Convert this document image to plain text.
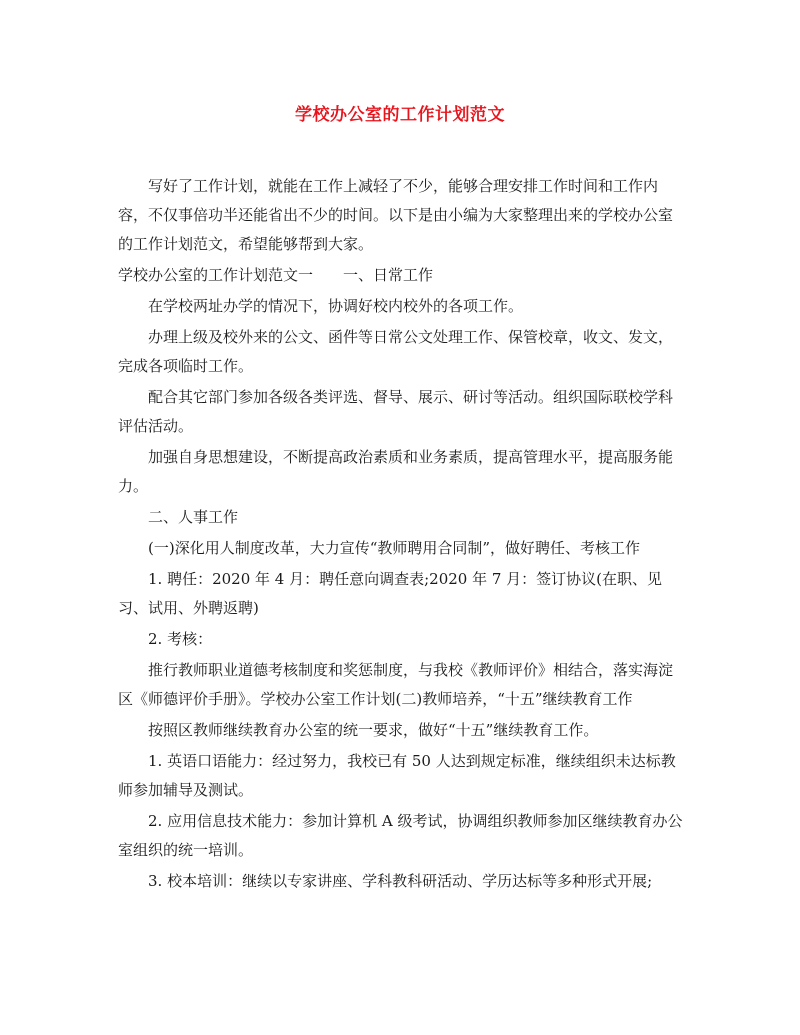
学校办公室的工作计划范文

写好了工作计划，就能在工作上减轻了不少，能够合理安排工作时间和工作内容，不仅事倍功半还能省出不少的时间。以下是由小编为大家整理出来的学校办公室的工作计划范文，希望能够帮到大家。

学校办公室的工作计划范文一　　一、日常工作

在学校两址办学的情况下，协调好校内校外的各项工作。

办理上级及校外来的公文、函件等日常公文处理工作、保管校章，收文、发文，完成各项临时工作。

配合其它部门参加各级各类评选、督导、展示、研讨等活动。组织国际联校学科评估活动。

加强自身思想建设，不断提高政治素质和业务素质，提高管理水平，提高服务能力。

二、人事工作

(一)深化用人制度改革，大力宣传“教师聘用合同制”，做好聘任、考核工作

1. 聘任：2020 年 4 月：聘任意向调查表;2020 年 7 月：签订协议(在职、见习、试用、外聘返聘)

2. 考核：

推行教师职业道德考核制度和奖惩制度，与我校《教师评价》相结合，落实海淀区《师德评价手册》。学校办公室工作计划(二)教师培养，“十五”继续教育工作

按照区教师继续教育办公室的统一要求，做好“十五”继续教育工作。

1. 英语口语能力：经过努力，我校已有 50 人达到规定标准，继续组织未达标教师参加辅导及测试。

2. 应用信息技术能力：参加计算机 A 级考试，协调组织教师参加区继续教育办公室组织的统一培训。

3. 校本培训：继续以专家讲座、学科教科研活动、学历达标等多种形式开展;
